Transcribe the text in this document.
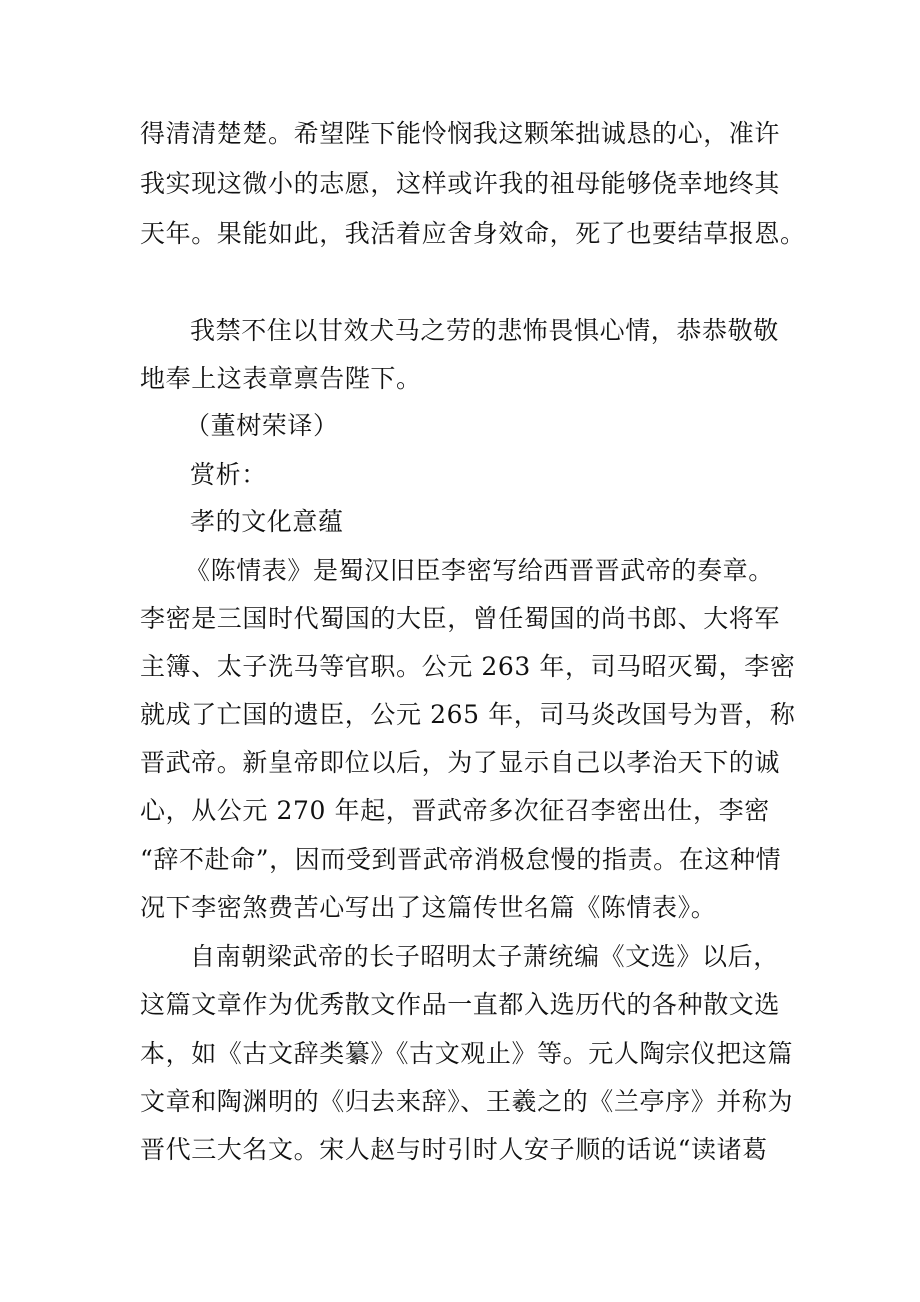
得清清楚楚。希望陛下能怜悯我这颗笨拙诚恳的心，准许
我实现这微小的志愿，这样或许我的祖母能够侥幸地终其
天年。果能如此，我活着应舍身效命，死了也要结草报恩。
我禁不住以甘效犬马之劳的悲怖畏惧心情，恭恭敬敬
地奉上这表章禀告陛下。
（董树荣译）
赏析：
孝的文化意蕴
《陈情表》是蜀汉旧臣李密写给西晋晋武帝的奏章。
李密是三国时代蜀国的大臣，曾任蜀国的尚书郎、大将军
主簿、太子洗马等官职。公元 263 年，司马昭灭蜀，李密
就成了亡国的遗臣，公元 265 年，司马炎改国号为晋，称
晋武帝。新皇帝即位以后，为了显示自己以孝治天下的诚
心，从公元 270 年起，晋武帝多次征召李密出仕，李密
“辞不赴命”，因而受到晋武帝消极怠慢的指责。在这种情
况下李密煞费苦心写出了这篇传世名篇《陈情表》。
自南朝梁武帝的长子昭明太子萧统编《文选》以后，
这篇文章作为优秀散文作品一直都入选历代的各种散文选
本，如《古文辞类纂》《古文观止》等。元人陶宗仪把这篇
文章和陶渊明的《归去来辞》、王羲之的《兰亭序》并称为
晋代三大名文。宋人赵与时引时人安子顺的话说“读诸葛
